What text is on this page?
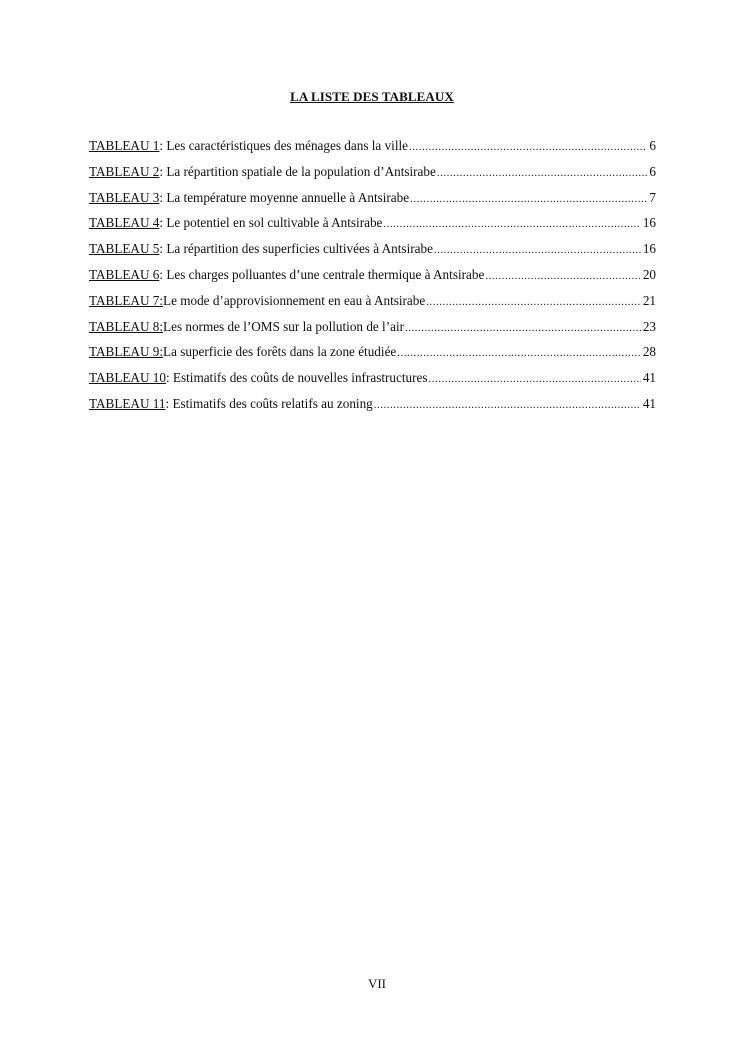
LA LISTE DES TABLEAUX
TABLEAU 1 : Les caractéristiques des ménages dans la ville .....	6
TABLEAU 2 : La répartition spatiale de la population d’Antsirabe .....	6
TABLEAU 3 : La température moyenne annuelle à Antsirabe .....	7
TABLEAU 4 : Le potentiel en sol cultivable à Antsirabe .....	16
TABLEAU 5 : La répartition des superficies cultivées à Antsirabe .....	16
TABLEAU 6 : Les charges polluantes d’une centrale thermique à Antsirabe .....	20
TABLEAU 7: Le mode d’approvisionnement en eau à Antsirabe .....	21
TABLEAU 8: Les normes de l’OMS sur la pollution de l’air .....	23
TABLEAU 9: La superficie des forêts dans la zone étudiée .....	28
TABLEAU 10 : Estimatifs des coûts de nouvelles infrastructures .....	41
TABLEAU 11 : Estimatifs des coûts relatifs au zoning .....	41
VII
